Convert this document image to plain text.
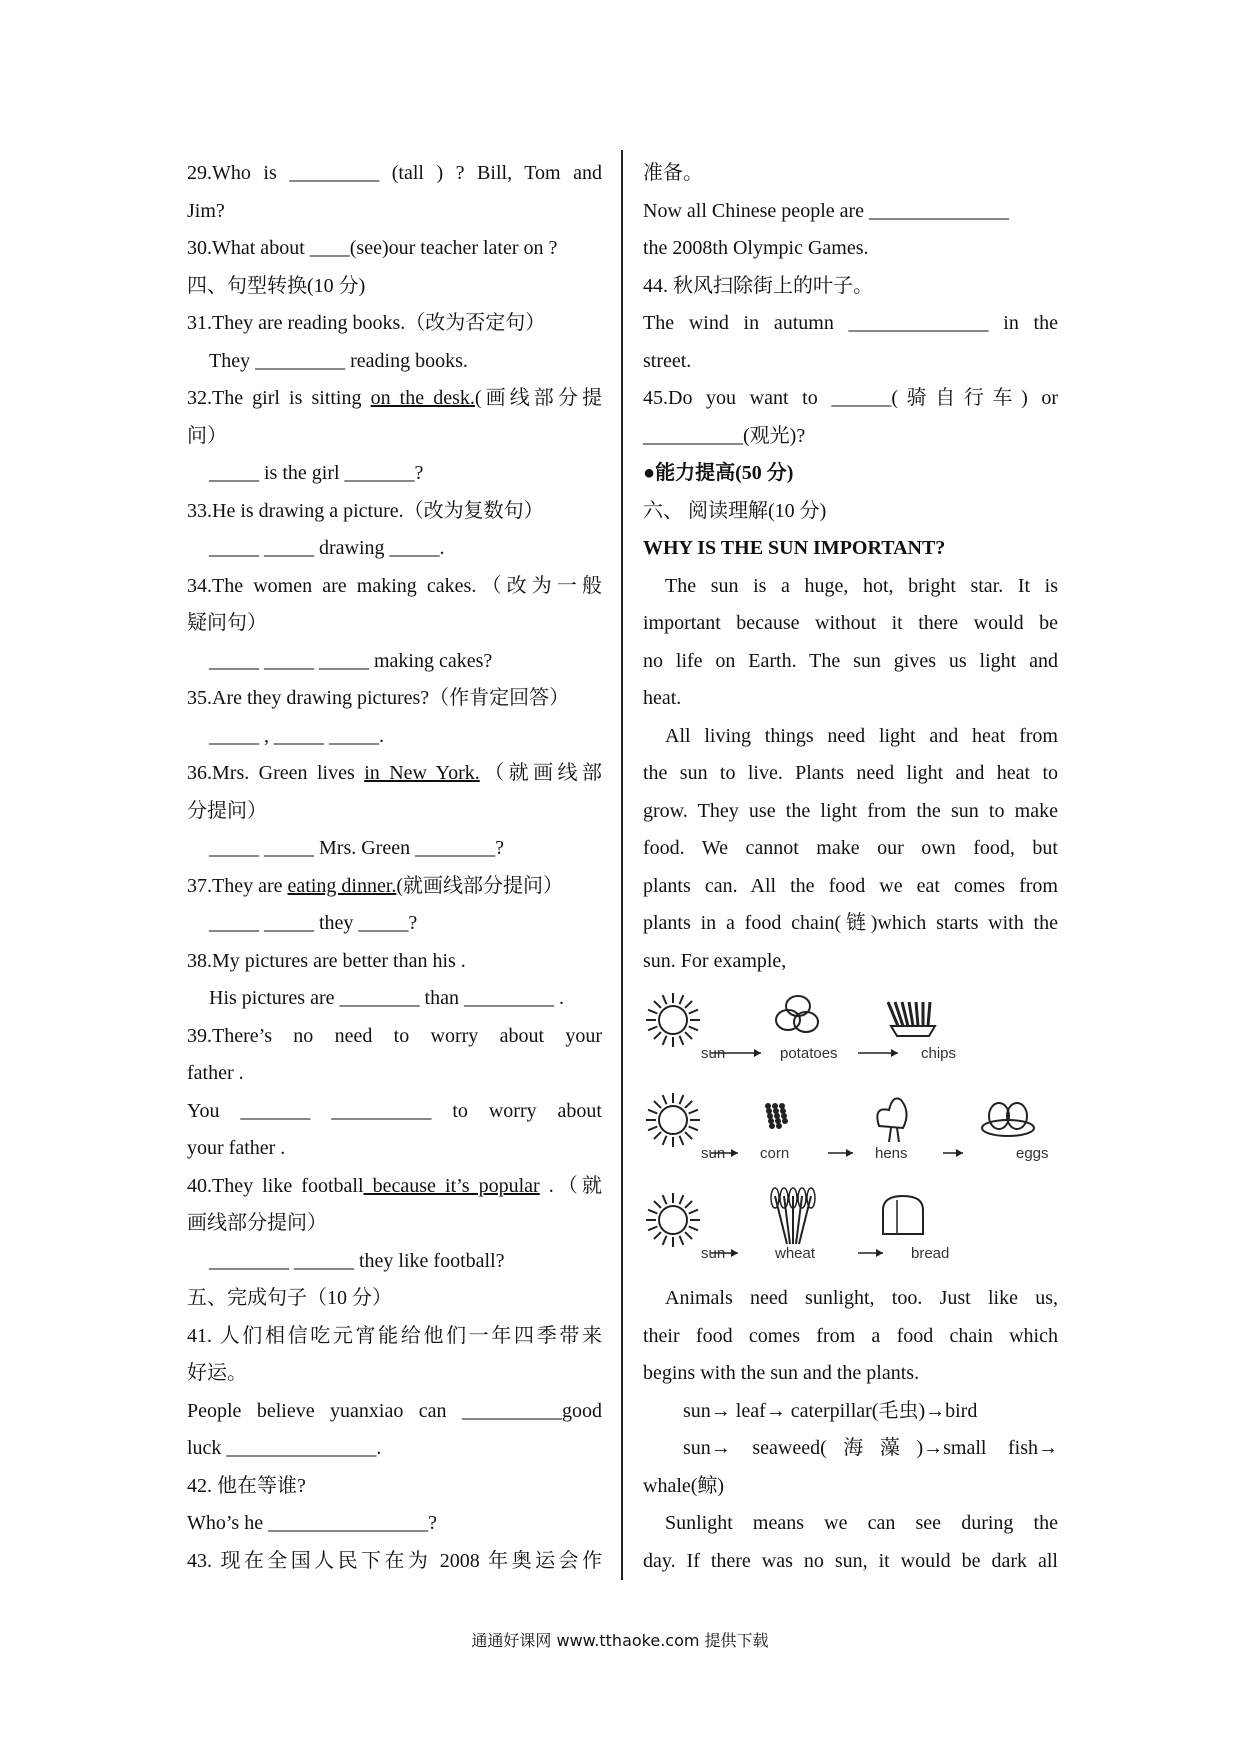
29.Who is _________ (tall ) ? Bill, Tom and
Jim?
30.What about ____(see)our teacher later on ?
四、句型转换(10 分)
31.They are reading books.（改为否定句）
They _________ reading books.
32.The girl is sitting on the desk.(画线部分提
问）
_____ is the girl _______?
33.He is drawing a picture.（改为复数句）
_____ _____ drawing _____.
34.The women are making cakes.（改为一般
疑问句）
_____ _____ _____ making cakes?
35.Are they drawing pictures?（作肯定回答）
_____ , _____ _____.
36.Mrs. Green lives in New York.（就画线部
分提问）
_____ _____ Mrs. Green ________?
37.They are eating dinner.(就画线部分提问）
_____ _____ they _____?
38.My pictures are better than his .
His pictures are ________ than _________ .
39.There’s no need to worry about your
father .
You _______ __________ to worry about
your father .
40.They like football because it’s popular .（就
画线部分提问）
________ ______ they like football?
五、完成句子（10 分）
41. 人们相信吃元宵能给他们一年四季带来
好运。
People believe yuanxiao can __________good
luck _______________.
42. 他在等谁?
Who’s he ________________?
43. 现在全国人民下在为 2008 年奥运会作
准备。
Now all Chinese people are ______________
the 2008th Olympic Games.
44. 秋风扫除街上的叶子。
The wind in autumn ______________ in the
street.
45.Do you want to ______(骑自行车) or
__________(观光)?
●能力提高(50 分)
六、 阅读理解(10 分)
WHY IS THE SUN IMPORTANT?
The sun is a huge, hot, bright star. It is
important because without it there would be
no life on Earth. The sun gives us light and
heat.
All living things need light and heat from
the sun to live. Plants need light and heat to
grow. They use the light from the sun to make
food. We cannot make our own food, but
plants can. All the food we eat comes from
plants in a food chain(链)which starts with the
sun. For example,
sun	potatoes	chips
sun corn	hens	eggs
sun	wheat	bread
Animals need sunlight, too. Just like us,
their food comes from a food chain which
begins with the sun and the plants.
sun→ leaf→ caterpillar(毛虫)→bird
sun→ seaweed(海藻)→small fish→
whale(鲸)
Sunlight means we can see during the
day. If there was no sun, it would be dark all
通通好课网 www.tthaoke.com 提供下载
